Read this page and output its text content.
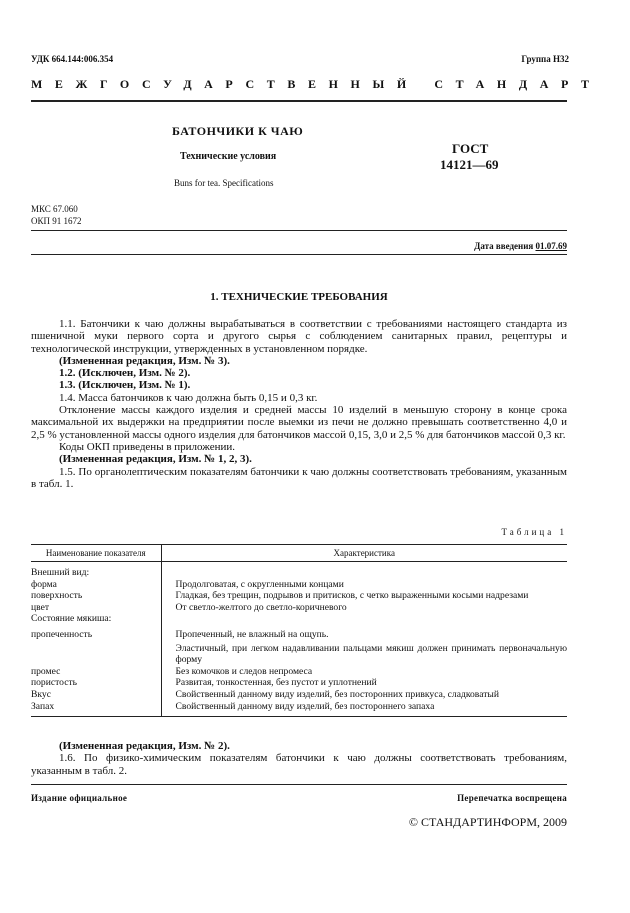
УДК 664.144:006.354	Группа Н32
МЕЖГОСУДАРСТВЕННЫЙ СТАНДАРТ
БАТОНЧИКИ К ЧАЮ
Технические условия
Buns for tea. Specifications
ГОСТ
14121—69
МКС 67.060
ОКП 91 1672
Дата введения 01.07.69
1. ТЕХНИЧЕСКИЕ ТРЕБОВАНИЯ

1.1. Батончики к чаю должны вырабатываться в соответствии с требованиями настоящего стандарта из пшеничной муки первого сорта и другого сырья с соблюдением санитарных правил, рецептуры и технологической инструкции, утвержденных в установленном порядке.

(Измененная редакция, Изм. № 3).

1.2. (Исключен, Изм. № 2).

1.3. (Исключен, Изм. № 1).

1.4. Масса батончиков к чаю должна быть 0,15 и 0,3 кг.

Отклонение массы каждого изделия и средней массы 10 изделий в меньшую сторону в конце срока максимальной их выдержки на предприятии после выемки из печи не должно превышать соответственно 4,0 и 2,5 % установленной массы одного изделия для батончиков массой 0,15, 3,0 и 2,5 % для батончиков массой 0,3 кг.

Коды ОКП приведены в приложении.

(Измененная редакция, Изм. № 1, 2, 3).

1.5. По органолептическим показателям батончики к чаю должны соответствовать требованиям, указанным в табл. 1.

Таблица 1
Наименование показателя	Характеристика
Внешний вид:	
форма	Продолговатая, с округленными концами
поверхность	Гладкая, без трещин, подрывов и притисков, с четко выраженными косыми надрезами
цвет	От светло-желтого до светло-коричневого
Состояние мякиша:	
пропеченность	Пропеченный, не влажный на ощупь.
	Эластичный, при легком надавливании пальцами мякиш должен принимать первоначальную форму
промес	Без комочков и следов непромеса
пористость	Развитая, тонкостенная, без пустот и уплотнений
Вкус	Свойственный данному виду изделий, без посторонних привкуса, сладковатый
Запах	Свойственный данному виду изделий, без постороннего запаха

(Измененная редакция, Изм. № 2).

1.6. По физико-химическим показателям батончики к чаю должны соответствовать требованиям, указанным в табл. 2.

Издание официальное	Перепечатка воспрещена
© СТАНДАРТИНФОРМ, 2009
